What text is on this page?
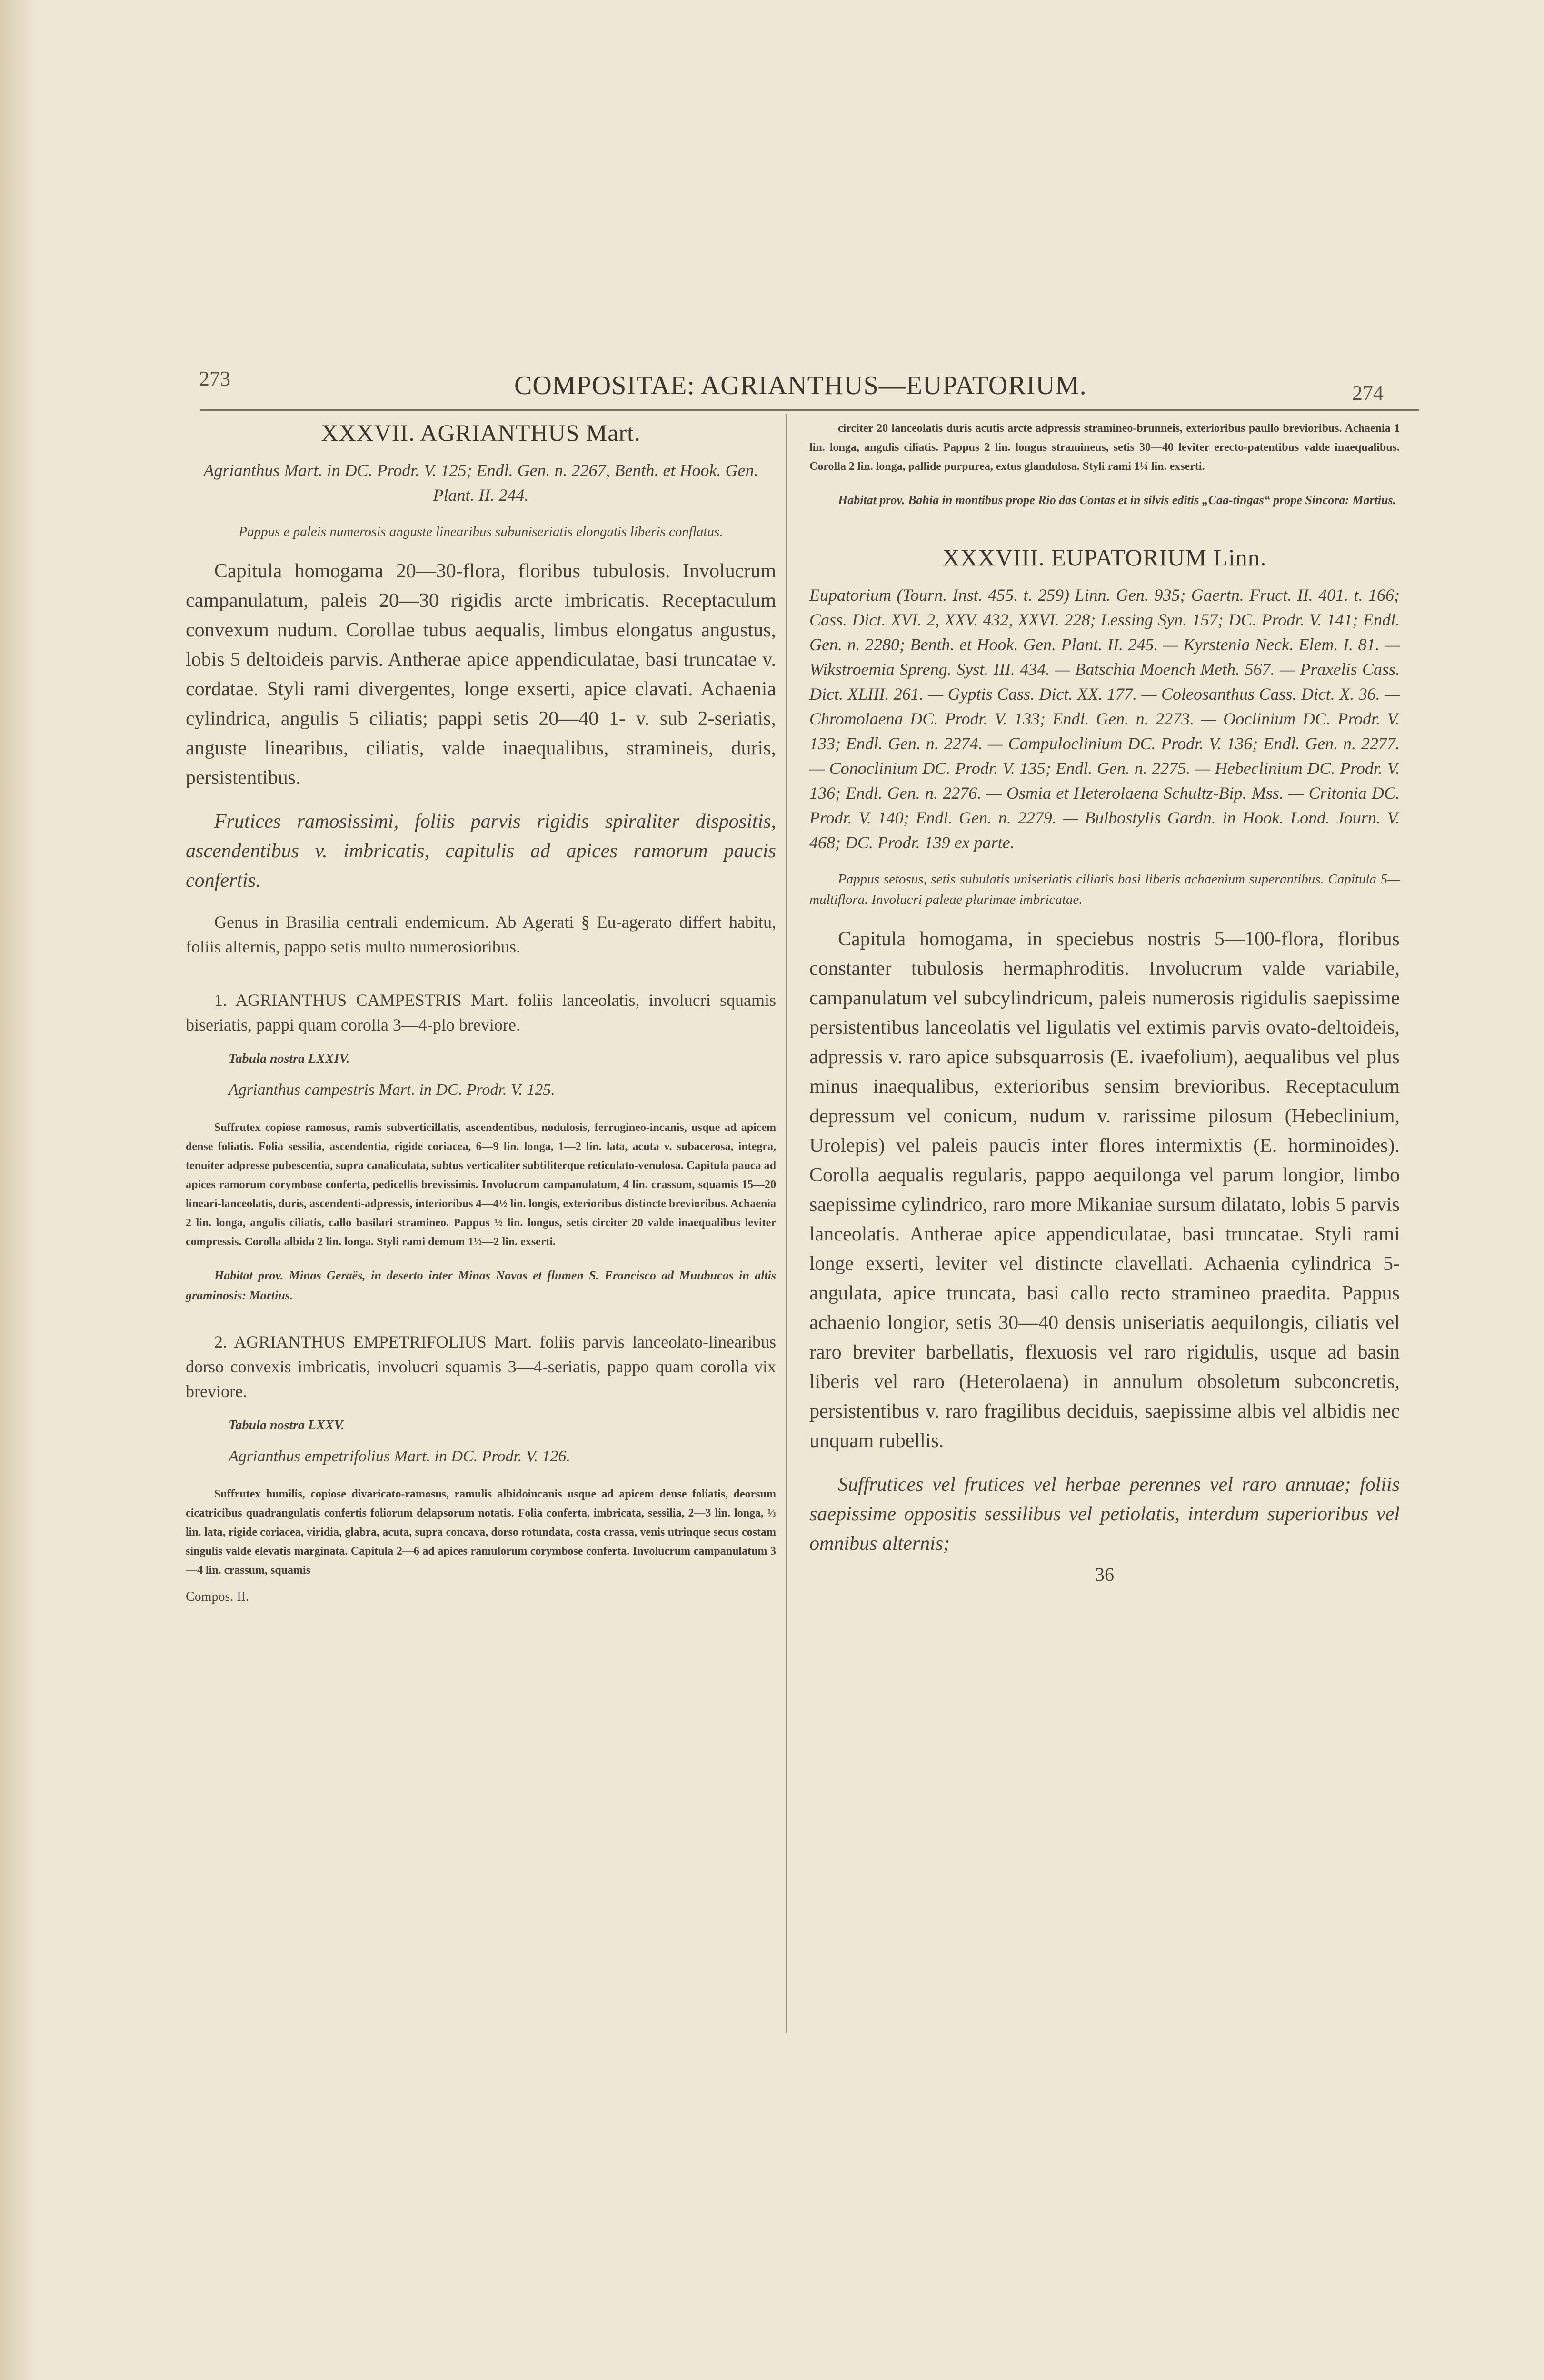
273	COMPOSITAE: AGRIANTHUS—EUPATORIUM.	274
XXXVII. AGRIANTHUS Mart.

Agrianthus Mart. in DC. Prodr. V. 125; Endl. Gen. n. 2267, Benth. et Hook. Gen. Plant. II. 244.

Pappus e paleis numerosis anguste linearibus subuniseriatis elongatis liberis conflatus.

Capitula homogama 20—30-flora, floribus tubulosis. Involucrum campanulatum, paleis 20—30 rigidis arcte imbricatis. Receptaculum convexum nudum. Corollae tubus aequalis, limbus elongatus angustus, lobis 5 deltoideis parvis. Antherae apice appendiculatae, basi truncatae v. cordatae. Styli rami divergentes, longe exserti, apice clavati. Achaenia cylindrica, angulis 5 ciliatis; pappi setis 20—40 1- v. sub 2-seriatis, anguste linearibus, ciliatis, valde inaequalibus, stramineis, duris, persistentibus.

Frutices ramosissimi, foliis parvis rigidis spiraliter dispositis, ascendentibus v. imbricatis, capitulis ad apices ramorum paucis confertis.

Genus in Brasilia centrali endemicum. Ab Agerati § Eu-agerato differt habitu, foliis alternis, pappo setis multo numerosioribus.

1. AGRIANTHUS CAMPESTRIS Mart. foliis lanceolatis, involucri squamis biseriatis, pappi quam corolla 3—4-plo breviore.

Tabula nostra LXXIV.
Agrianthus campestris Mart. in DC. Prodr. V. 125.

Suffrutex copiose ramosus, ramis subverticillatis, ascendentibus, nodulosis, ferrugineo-incanis, usque ad apicem dense foliatis. Folia sessilia, ascendentia, rigide coriacea, 6—9 lin. longa, 1—2 lin. lata, acuta v. subacerosa, integra, tenuiter adpresse pubescentia, supra canaliculata, subtus verticaliter subtiliterque reticulato-venulosa. Capitula pauca ad apices ramorum corymbose conferta, pedicellis brevissimis. Involucrum campanulatum, 4 lin. crassum, squamis 15—20 lineari-lanceolatis, duris, ascendenti-adpressis, interioribus 4—4½ lin. longis, exterioribus distincte brevioribus. Achaenia 2 lin. longa, angulis ciliatis, callo basilari stramineo. Pappus ½ lin. longus, setis circiter 20 valde inaequalibus leviter compressis. Corolla albida 2 lin. longa. Styli rami demum 1½—2 lin. exserti.

Habitat prov. Minas Geraës, in deserto inter Minas Novas et flumen S. Francisco ad Muubucas in altis graminosis: Martius.

2. AGRIANTHUS EMPETRIFOLIUS Mart. foliis parvis lanceolato-linearibus dorso convexis imbricatis, involucri squamis 3—4-seriatis, pappo quam corolla vix breviore.

Tabula nostra LXXV.
Agrianthus empetrifolius Mart. in DC. Prodr. V. 126.

Suffrutex humilis, copiose divaricato-ramosus, ramulis albidoincanis usque ad apicem dense foliatis, deorsum cicatricibus quadrangulatis confertis foliorum delapsorum notatis. Folia conferta, imbricata, sessilia, 2—3 lin. longa, ⅓ lin. lata, rigide coriacea, viridia, glabra, acuta, supra concava, dorso rotundata, costa crassa, venis utrinque secus costam singulis valde elevatis marginata. Capitula 2—6 ad apices ramulorum corymbose conferta. Involucrum campanulatum 3—4 lin. crassum, squamis

Compos. II.

circiter 20 lanceolatis duris acutis arcte adpressis stramineo-brunneis, exterioribus paullo brevioribus. Achaenia 1 lin. longa, angulis ciliatis. Pappus 2 lin. longus stramineus, setis 30—40 leviter erecto-patentibus valde inaequalibus. Corolla 2 lin. longa, pallide purpurea, extus glandulosa. Styli rami 1¼ lin. exserti.

Habitat prov. Bahia in montibus prope Rio das Contas et in silvis editis „Caa-tingas“ prope Sincora: Martius.

XXXVIII. EUPATORIUM Linn.

Eupatorium (Tourn. Inst. 455. t. 259) Linn. Gen. 935; Gaertn. Fruct. II. 401. t. 166; Cass. Dict. XVI. 2, XXV. 432, XXVI. 228; Lessing Syn. 157; DC. Prodr. V. 141; Endl. Gen. n. 2280; Benth. et Hook. Gen. Plant. II. 245. — Kyrstenia Neck. Elem. I. 81. — Wikstroemia Spreng. Syst. III. 434. — Batschia Moench Meth. 567. — Praxelis Cass. Dict. XLIII. 261. — Gyptis Cass. Dict. XX. 177. — Coleosanthus Cass. Dict. X. 36. — Chromolaena DC. Prodr. V. 133; Endl. Gen. n. 2273. — Ooclinium DC. Prodr. V. 133; Endl. Gen. n. 2274. — Campuloclinium DC. Prodr. V. 136; Endl. Gen. n. 2277. — Conoclinium DC. Prodr. V. 135; Endl. Gen. n. 2275. — Hebeclinium DC. Prodr. V. 136; Endl. Gen. n. 2276. — Osmia et Heterolaena Schultz-Bip. Mss. — Critonia DC. Prodr. V. 140; Endl. Gen. n. 2279. — Bulbostylis Gardn. in Hook. Lond. Journ. V. 468; DC. Prodr. 139 ex parte.

Pappus setosus, setis subulatis uniseriatis ciliatis basi liberis achaenium superantibus. Capitula 5—multiflora. Involucri paleae plurimae imbricatae.

Capitula homogama, in speciebus nostris 5—100-flora, floribus constanter tubulosis hermaphroditis. Involucrum valde variabile, campanulatum vel subcylindricum, paleis numerosis rigidulis saepissime persistentibus lanceolatis vel ligulatis vel extimis parvis ovato-deltoideis, adpressis v. raro apice subsquarrosis (E. ivaefolium), aequalibus vel plus minus inaequalibus, exterioribus sensim brevioribus. Receptaculum depressum vel conicum, nudum v. rarissime pilosum (Hebeclinium, Urolepis) vel paleis paucis inter flores intermixtis (E. horminoides). Corolla aequalis regularis, pappo aequilonga vel parum longior, limbo saepissime cylindrico, raro more Mikaniae sursum dilatato, lobis 5 parvis lanceolatis. Antherae apice appendiculatae, basi truncatae. Styli rami longe exserti, leviter vel distincte clavellati. Achaenia cylindrica 5-angulata, apice truncata, basi callo recto stramineo praedita. Pappus achaenio longior, setis 30—40 densis uniseriatis aequilongis, ciliatis vel raro breviter barbellatis, flexuosis vel raro rigidulis, usque ad basin liberis vel raro (Heterolaena) in annulum obsoletum subconcretis, persistentibus v. raro fragilibus deciduis, saepissime albis vel albidis nec unquam rubellis.

Suffrutices vel frutices vel herbae perennes vel raro annuae; foliis saepissime oppositis sessilibus vel petiolatis, interdum superioribus vel omnibus alternis;

36
